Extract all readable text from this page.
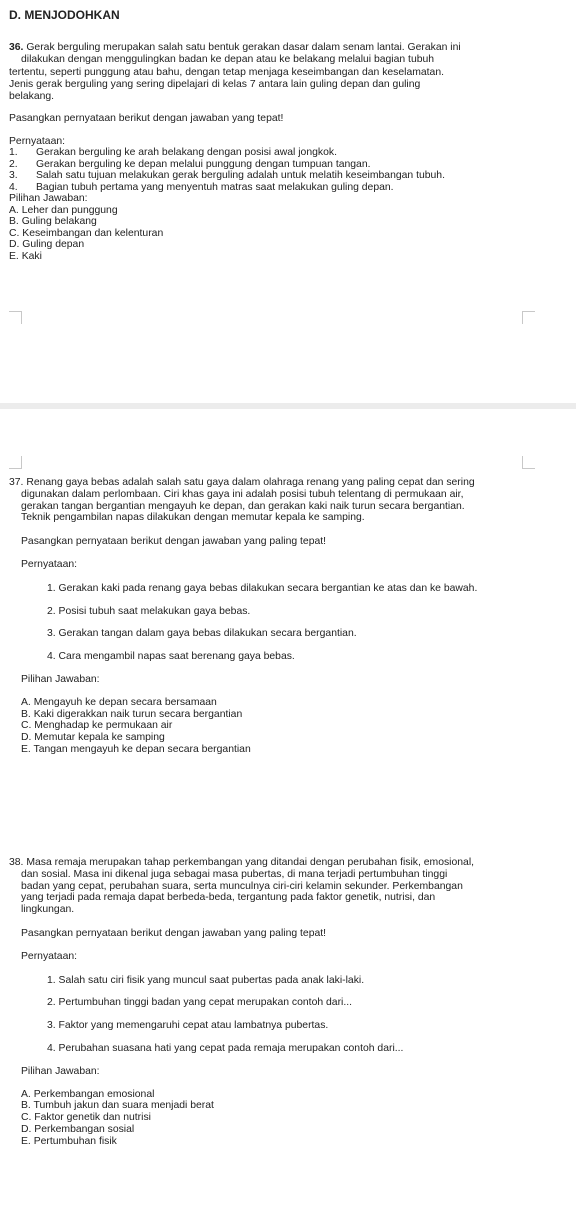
D. MENJODOHKAN
36. Gerak berguling merupakan salah satu bentuk gerakan dasar dalam senam lantai. Gerakan ini
dilakukan dengan menggulingkan badan ke depan atau ke belakang melalui bagian tubuh
tertentu, seperti punggung atau bahu, dengan tetap menjaga keseimbangan dan keselamatan.
Jenis gerak berguling yang sering dipelajari di kelas 7 antara lain guling depan dan guling
belakang.
Pasangkan pernyataan berikut dengan jawaban yang tepat!
Pernyataan:
1.	Gerakan berguling ke arah belakang dengan posisi awal jongkok.
2.	Gerakan berguling ke depan melalui punggung dengan tumpuan tangan.
3.	Salah satu tujuan melakukan gerak berguling adalah untuk melatih keseimbangan tubuh.
4.	Bagian tubuh pertama yang menyentuh matras saat melakukan guling depan.
Pilihan Jawaban:
A. Leher dan punggung
B. Guling belakang
C. Keseimbangan dan kelenturan
D. Guling depan
E. Kaki
37. Renang gaya bebas adalah salah satu gaya dalam olahraga renang yang paling cepat dan sering
digunakan dalam perlombaan. Ciri khas gaya ini adalah posisi tubuh telentang di permukaan air,
gerakan tangan bergantian mengayuh ke depan, dan gerakan kaki naik turun secara bergantian.
Teknik pengambilan napas dilakukan dengan memutar kepala ke samping.
Pasangkan pernyataan berikut dengan jawaban yang paling tepat!
Pernyataan:
1. Gerakan kaki pada renang gaya bebas dilakukan secara bergantian ke atas dan ke bawah.
2. Posisi tubuh saat melakukan gaya bebas.
3. Gerakan tangan dalam gaya bebas dilakukan secara bergantian.
4. Cara mengambil napas saat berenang gaya bebas.
Pilihan Jawaban:
A. Mengayuh ke depan secara bersamaan
B. Kaki digerakkan naik turun secara bergantian
C. Menghadap ke permukaan air
D. Memutar kepala ke samping
E. Tangan mengayuh ke depan secara bergantian
38. Masa remaja merupakan tahap perkembangan yang ditandai dengan perubahan fisik, emosional,
dan sosial. Masa ini dikenal juga sebagai masa pubertas, di mana terjadi pertumbuhan tinggi
badan yang cepat, perubahan suara, serta munculnya ciri-ciri kelamin sekunder. Perkembangan
yang terjadi pada remaja dapat berbeda-beda, tergantung pada faktor genetik, nutrisi, dan
lingkungan.
Pasangkan pernyataan berikut dengan jawaban yang paling tepat!
Pernyataan:
1. Salah satu ciri fisik yang muncul saat pubertas pada anak laki-laki.
2. Pertumbuhan tinggi badan yang cepat merupakan contoh dari...
3. Faktor yang memengaruhi cepat atau lambatnya pubertas.
4. Perubahan suasana hati yang cepat pada remaja merupakan contoh dari...
Pilihan Jawaban:
A. Perkembangan emosional
B. Tumbuh jakun dan suara menjadi berat
C. Faktor genetik dan nutrisi
D. Perkembangan sosial
E. Pertumbuhan fisik
